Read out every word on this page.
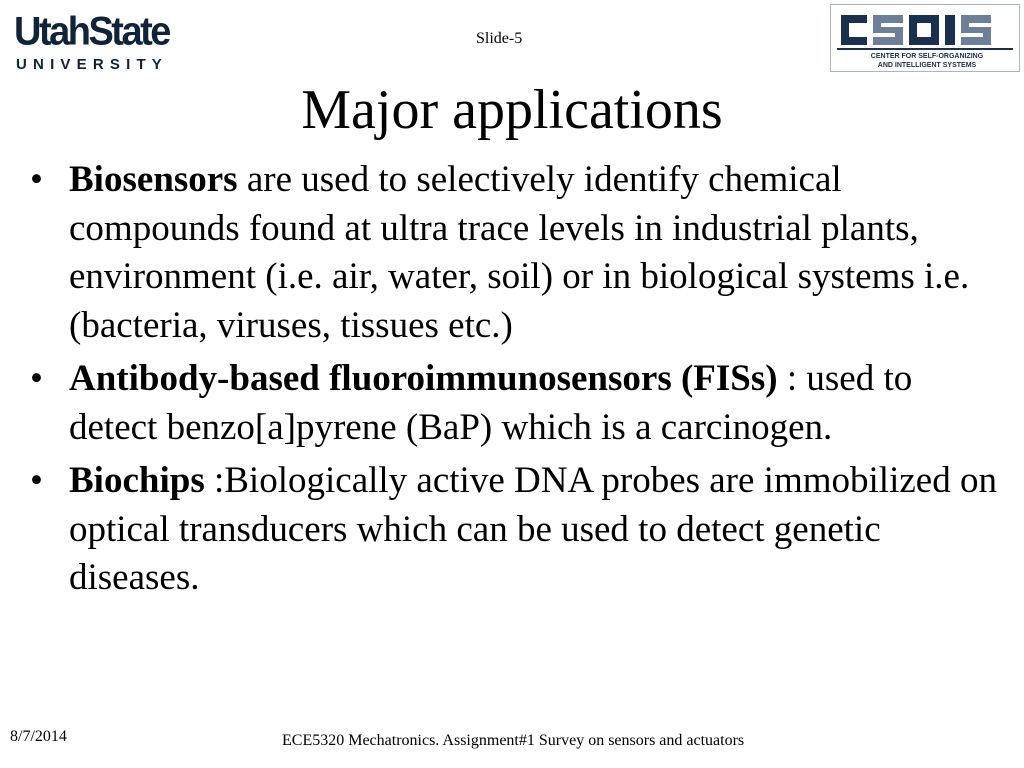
UtahState
UNIVERSITY
Slide-5
CENTER FOR SELF-ORGANIZING
AND INTELLIGENT SYSTEMS
Major applications
• Biosensors are used to selectively identify chemical compounds found at ultra trace levels in industrial plants, environment (i.e. air, water, soil) or in biological systems i.e. (bacteria, viruses, tissues etc.)
• Antibody-based fluoroimmunosensors (FISs) : used to detect benzo[a]pyrene (BaP) which is a carcinogen.
• Biochips :Biologically active DNA probes are immobilized on optical transducers which can be used to detect genetic diseases.
8/7/2014	ECE5320 Mechatronics. Assignment#1 Survey on sensors and actuators
